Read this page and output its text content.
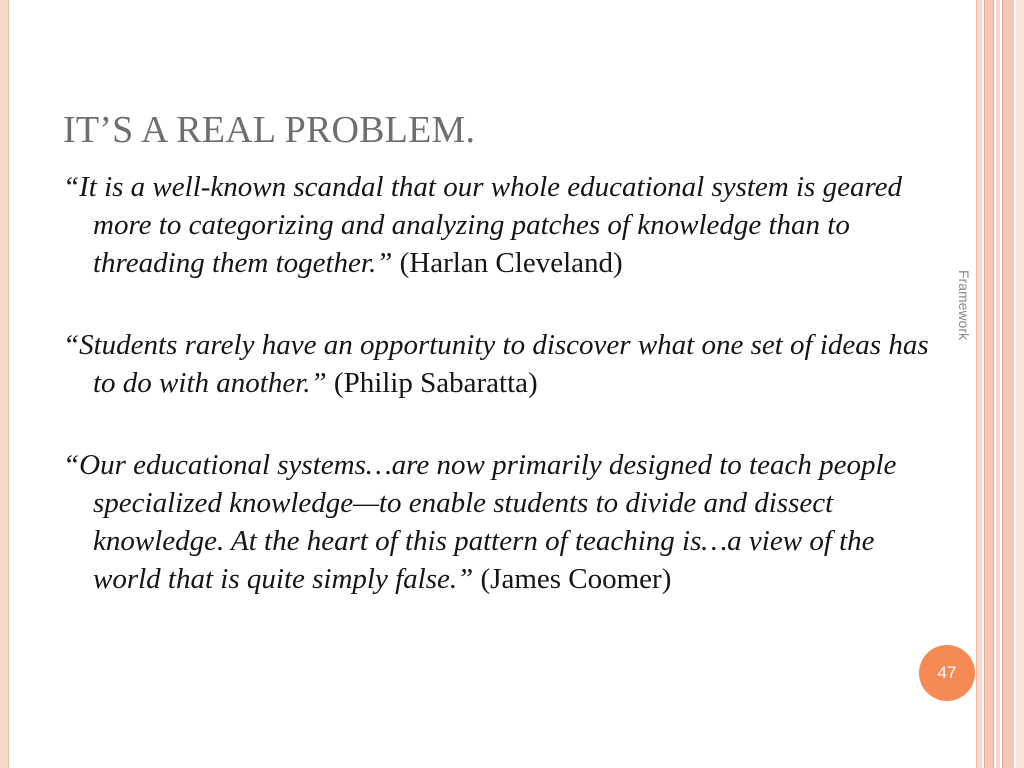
IT’S A REAL PROBLEM.

“It is a well-known scandal that our whole educational system is geared more to categorizing and analyzing patches of knowledge than to threading them together.” (Harlan Cleveland)

“Students rarely have an opportunity to discover what one set of ideas has to do with another.” (Philip Sabaratta)

“Our educational systems…are now primarily designed to teach people specialized knowledge—to enable students to divide and dissect knowledge. At the heart of this pattern of teaching is…a view of the world that is quite simply false.” (James Coomer)

Framework
47
